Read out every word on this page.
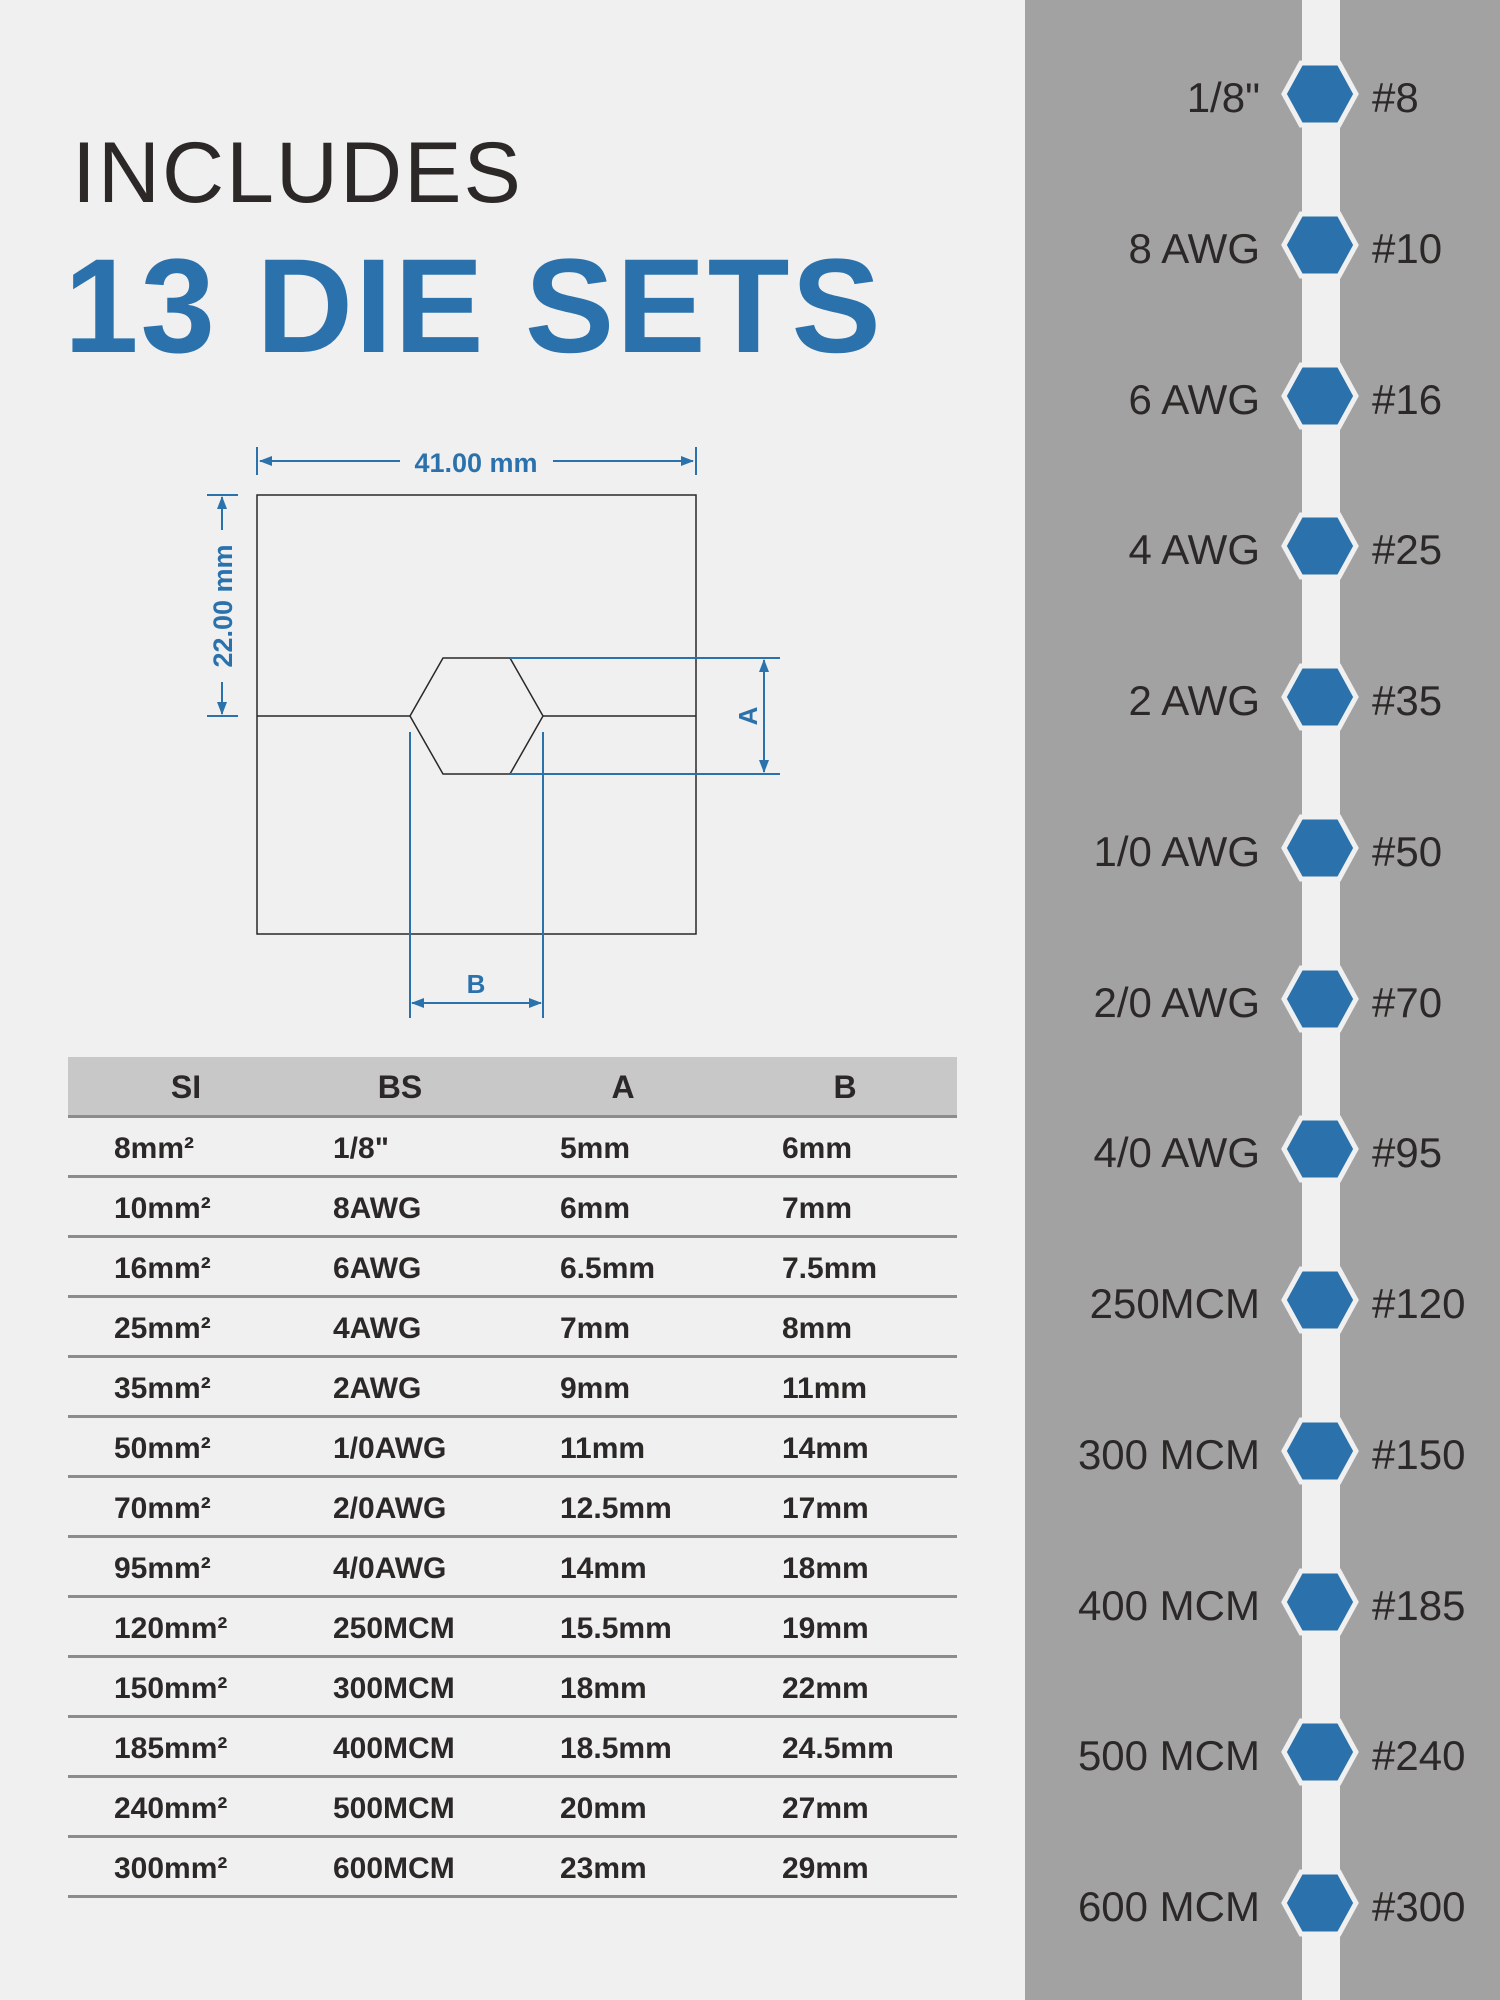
INCLUDES
13 DIE SETS
41.00 mm
22.00 mm
A
B
SI	BS	A	B
8mm²	1/8"	5mm	6mm
10mm²	8AWG	6mm	7mm
16mm²	6AWG	6.5mm	7.5mm
25mm²	4AWG	7mm	8mm
35mm²	2AWG	9mm	11mm
50mm²	1/0AWG	11mm	14mm
70mm²	2/0AWG	12.5mm	17mm
95mm²	4/0AWG	14mm	18mm
120mm²	250MCM	15.5mm	19mm
150mm²	300MCM	18mm	22mm
185mm²	400MCM	18.5mm	24.5mm
240mm²	500MCM	20mm	27mm
300mm²	600MCM	23mm	29mm
1/8"	#8
8 AWG	#10
6 AWG	#16
4 AWG	#25
2 AWG	#35
1/0 AWG	#50
2/0 AWG	#70
4/0 AWG	#95
250MCM	#120
300 MCM	#150
400 MCM	#185
500 MCM	#240
600 MCM	#300
